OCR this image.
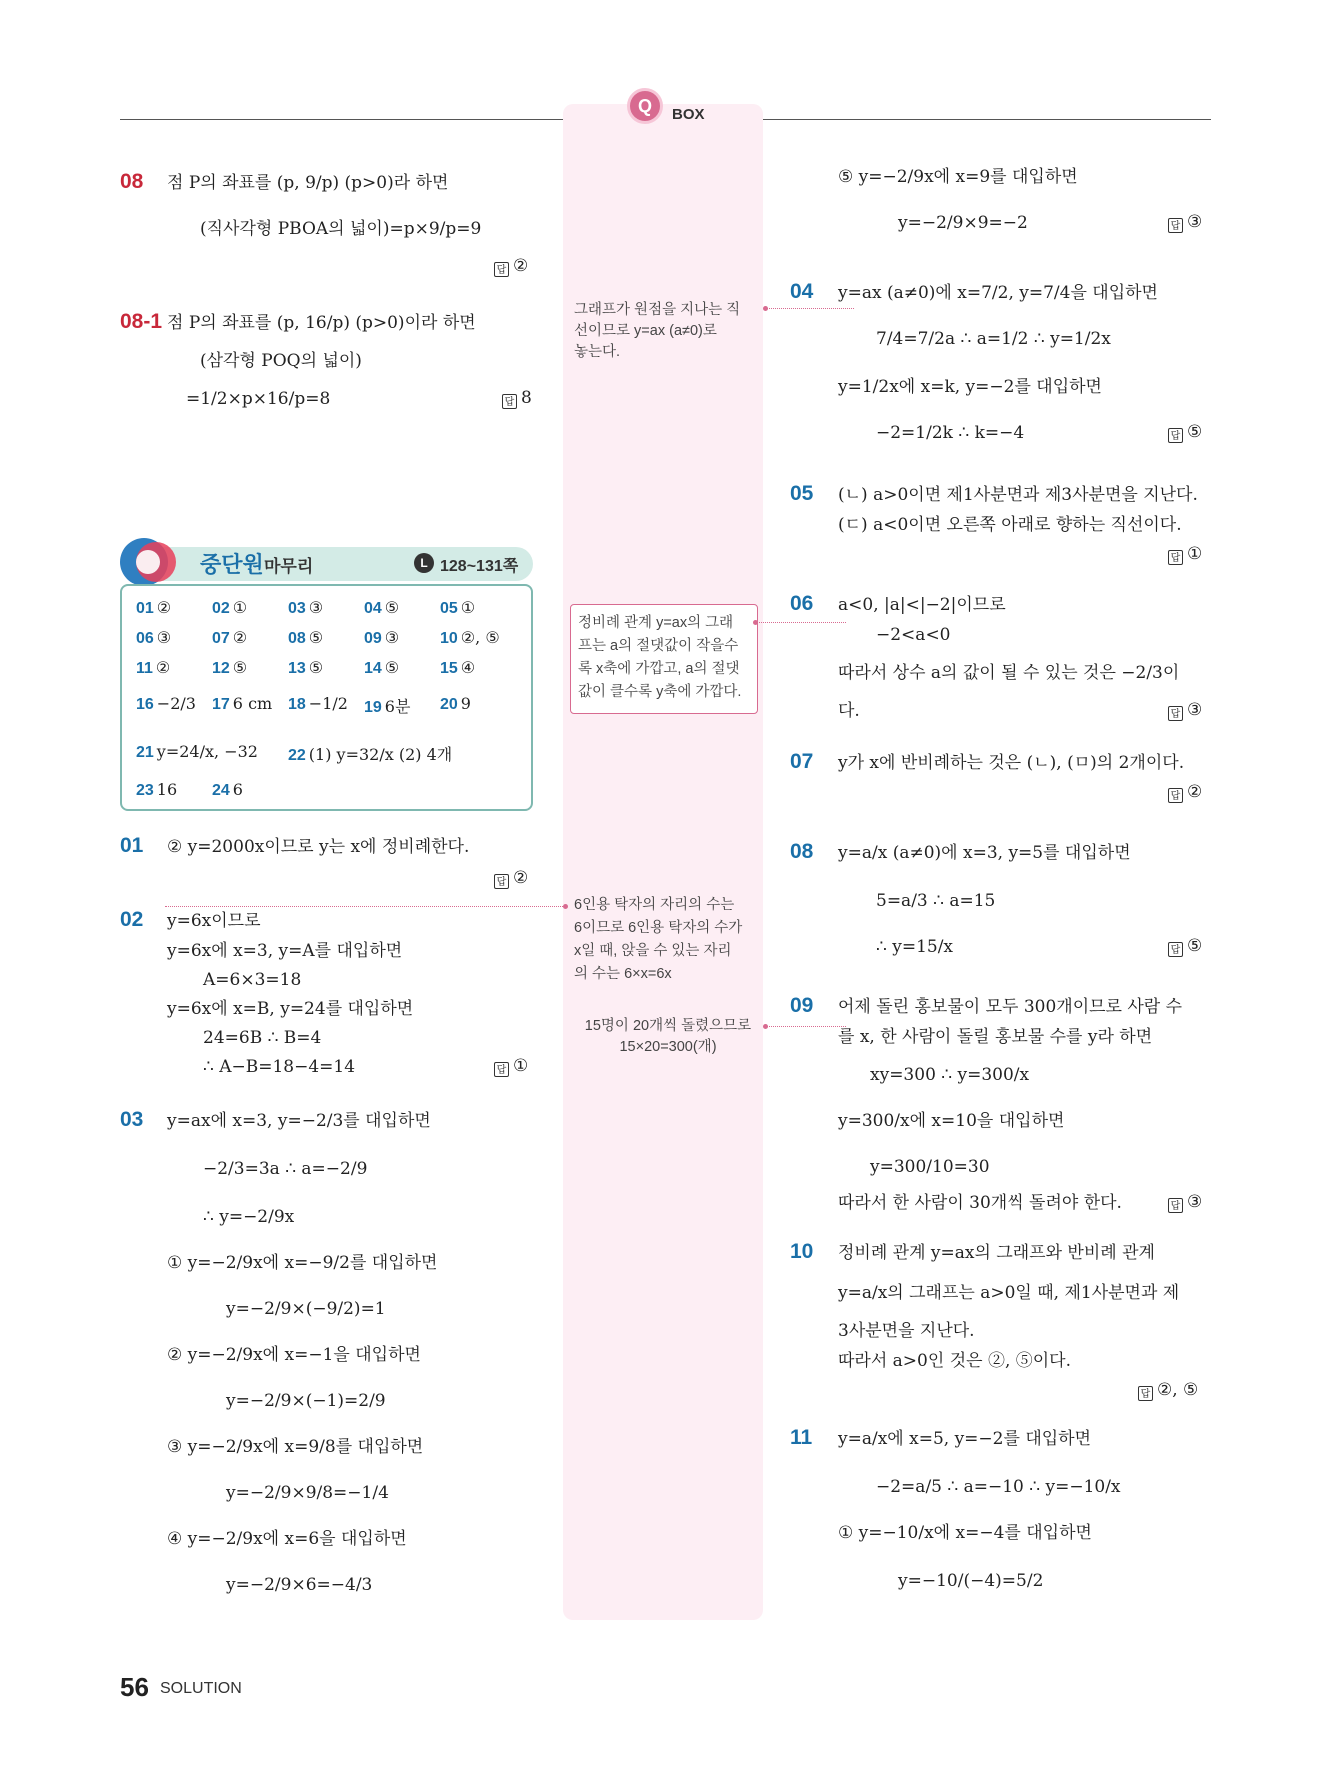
Q	BOX
그래프가 원점을 지나는 직
선이므로 y=ax (a≠0)로
놓는다.
정비례 관계 y=ax의 그래
프는 a의 절댓값이 작을수
록 x축에 가깝고, a의 절댓
값이 클수록 y축에 가깝다.
6인용 탁자의 자리의 수는
6이므로 6인용 탁자의 수가
x일 때, 앉을 수 있는 자리
의 수는 6×x=6x
15명이 20개씩 돌렸으므로
15×20=300(개)
08 점 P의 좌표를 (p, 9/p) (p>0)라 하면
(직사각형 PBOA의 넓이)=p×9/p=9
답 ②
08-1 점 P의 좌표를 (p, 16/p) (p>0)이라 하면
(삼각형 POQ의 넓이)
=1/2×p×16/p=8	답 8
중단원 마무리	L 128~131쪽
01 ②	02 ①	03 ③	04 ⑤	05 ①
06 ③	07 ②	08 ⑤	09 ③	10 ②, ⑤
11 ②	12 ⑤	13 ⑤	14 ⑤	15 ④
16 −2/3 17 6 cm 18 −1/2 19 6분 20 9
21 y=24/x, −32 22 (1) y=32/x (2) 4개
23 16 24 6
01 ② y=2000x이므로 y는 x에 정비례한다.
답 ②
02 y=6x이므로
y=6x에 x=3, y=A를 대입하면
A=6×3=18
y=6x에 x=B, y=24를 대입하면
24=6B ∴ B=4
∴ A−B=18−4=14	답 ①
03 y=ax에 x=3, y=−2/3를 대입하면
−2/3=3a ∴ a=−2/9
∴ y=−2/9x
① y=−2/9x에 x=−9/2를 대입하면
y=−2/9×(−9/2)=1
② y=−2/9x에 x=−1을 대입하면
y=−2/9×(−1)=2/9
③ y=−2/9x에 x=9/8를 대입하면
y=−2/9×9/8=−1/4
④ y=−2/9x에 x=6을 대입하면
y=−2/9×6=−4/3
⑤ y=−2/9x에 x=9를 대입하면
y=−2/9×9=−2	답 ③
04 y=ax (a≠0)에 x=7/2, y=7/4을 대입하면
7/4=7/2a ∴ a=1/2 ∴ y=1/2x
y=1/2x에 x=k, y=−2를 대입하면
−2=1/2k ∴ k=−4	답 ⑤
05 (ㄴ) a>0이면 제1사분면과 제3사분면을 지난다.
(ㄷ) a<0이면 오른쪽 아래로 향하는 직선이다.
답 ①
06 a<0, |a|<|−2|이므로
−2<a<0
따라서 상수 a의 값이 될 수 있는 것은 −2/3이
다.	답 ③
07 y가 x에 반비례하는 것은 (ㄴ), (ㅁ)의 2개이다.
답 ②
08 y=a/x (a≠0)에 x=3, y=5를 대입하면
5=a/3 ∴ a=15
∴ y=15/x	답 ⑤
09 어제 돌린 홍보물이 모두 300개이므로 사람 수
를 x, 한 사람이 돌릴 홍보물 수를 y라 하면
xy=300 ∴ y=300/x
y=300/x에 x=10을 대입하면
y=300/10=30
따라서 한 사람이 30개씩 돌려야 한다.	답 ③
10 정비례 관계 y=ax의 그래프와 반비례 관계
y=a/x의 그래프는 a>0일 때, 제1사분면과 제
3사분면을 지난다.
따라서 a>0인 것은 ②, ⑤이다.
답 ②, ⑤
11 y=a/x에 x=5, y=−2를 대입하면
−2=a/5 ∴ a=−10 ∴ y=−10/x
① y=−10/x에 x=−4를 대입하면
y=−10/(−4)=5/2
56 SOLUTION
